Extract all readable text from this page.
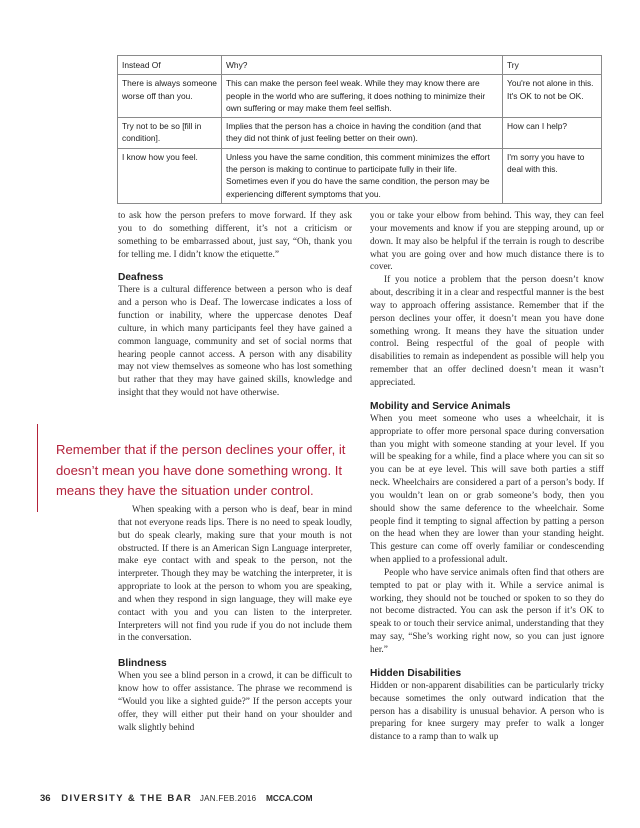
Instead Of	Why?	Try
There is always someone worse off than you.	This can make the person feel weak. While they may know there are people in the world who are suffering, it does nothing to minimize their own suffering or may make them feel selfish.	You're not alone in this. It's OK to not be OK.
Try not to be so [fill in condition].	Implies that the person has a choice in having the condition (and that they did not think of just feeling better on their own).	How can I help?
I know how you feel.	Unless you have the same condition, this comment minimizes the effort the person is making to continue to participate fully in their life. Sometimes even if you do have the same condition, the person may be experiencing different symptoms that you.	I'm sorry you have to deal with this.

to ask how the person prefers to move forward. If they ask you to do something different, it’s not a criticism or something to be embarrassed about, just say, “Oh, thank you for telling me. I didn’t know the etiquette.”

Deafness

There is a cultural difference between a person who is deaf and a person who is Deaf. The lowercase indicates a loss of function or inability, where the uppercase denotes Deaf culture, in which many participants feel they have gained a common language, community and set of social norms that hearing people cannot access. A person with any disability may not view themselves as someone who has lost something but rather that they may have gained skills, knowledge and insight that they would not have otherwise.

When speaking with a person who is deaf, bear in mind that not everyone reads lips. There is no need to speak loudly, but do speak clearly, making sure that your mouth is not obstructed. If there is an American Sign Language interpreter, make eye contact with and speak to the person, not the interpreter. Though they may be watching the interpreter, it is appropriate to look at the person to whom you are speaking, and when they respond in sign language, they will make eye contact with you and you can listen to the interpreter. Interpreters will not find you rude if you do not include them in the conversation.

Blindness

When you see a blind person in a crowd, it can be difficult to know how to offer assistance. The phrase we recommend is “Would you like a sighted guide?” If the person accepts your offer, they will either put their hand on your shoulder and walk slightly behind

Remember that if the person declines your offer, it doesn’t mean you have done something wrong. It means they have the situation under control.

you or take your elbow from behind. This way, they can feel your movements and know if you are stepping around, up or down. It may also be helpful if the terrain is rough to describe what you are going over and how much distance there is to cover.

If you notice a problem that the person doesn’t know about, describing it in a clear and respectful manner is the best way to approach offering assistance. Remember that if the person declines your offer, it doesn’t mean you have done something wrong. It means they have the situation under control. Being respectful of the goal of people with disabilities to remain as independent as possible will help you remember that an offer declined doesn’t mean it wasn’t appreciated.

Mobility and Service Animals

When you meet someone who uses a wheelchair, it is appropriate to offer more personal space during conversation than you might with someone standing at your level. If you will be speaking for a while, find a place where you can sit so you can be at eye level. This will save both parties a stiff neck. Wheelchairs are considered a part of a person’s body. If you wouldn’t lean on or grab someone’s body, then you should show the same deference to the wheelchair. Some people find it tempting to signal affection by patting a person on the head when they are lower than your standing height. This gesture can come off overly familiar or condescending when applied to a professional adult.

People who have service animals often find that others are tempted to pat or play with it. While a service animal is working, they should not be touched or spoken to so they do not become distracted. You can ask the person if it’s OK to speak to or touch their service animal, understanding that they may say, “She’s working right now, so you can just ignore her.”

Hidden Disabilities

Hidden or non-apparent disabilities can be particularly tricky because sometimes the only outward indication that the person has a disability is unusual behavior. A person who is preparing for knee surgery may prefer to walk a longer distance to a ramp than to walk up

36 DIVERSITY & THE BAR JAN.FEB.2016 MCCA.COM
